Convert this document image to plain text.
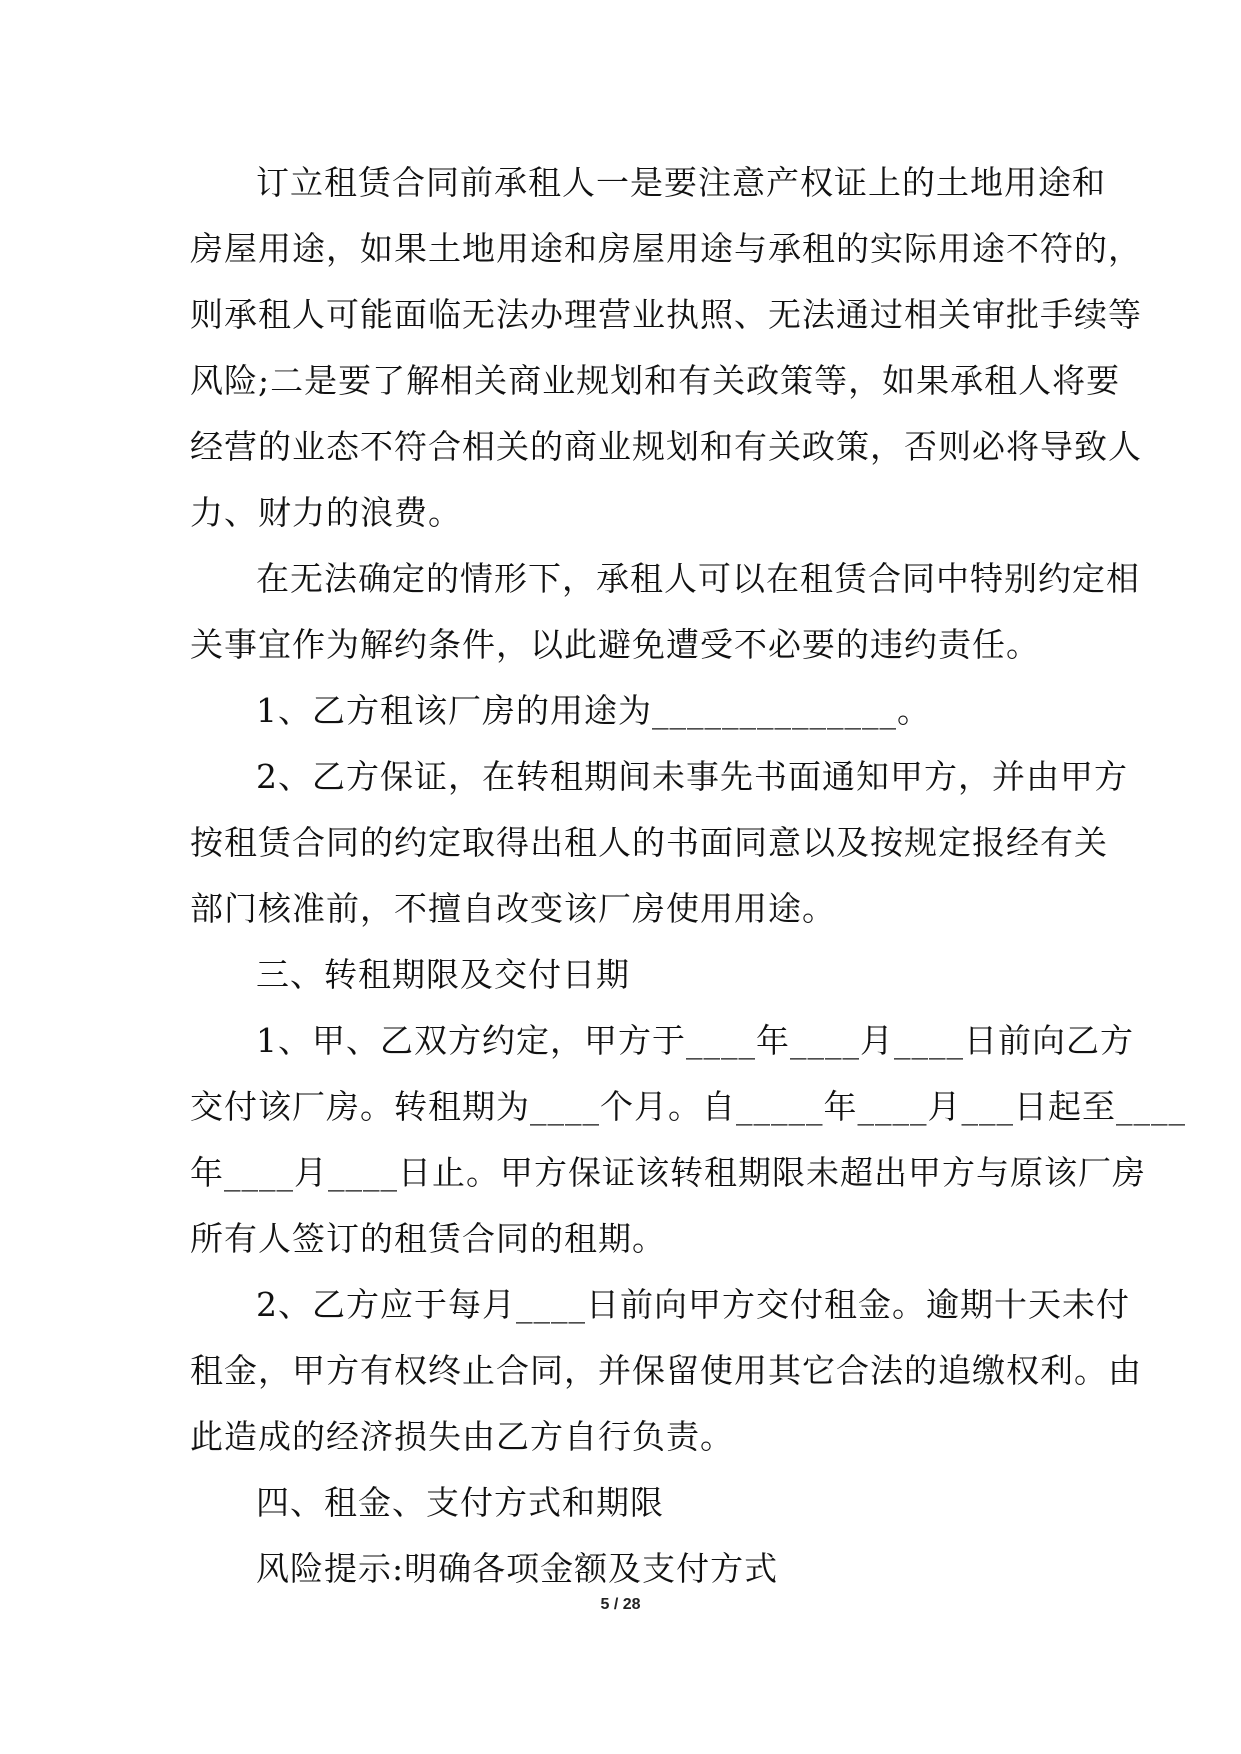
订立租赁合同前承租人一是要注意产权证上的土地用途和
房屋用途，如果土地用途和房屋用途与承租的实际用途不符的，
则承租人可能面临无法办理营业执照、无法通过相关审批手续等
风险;二是要了解相关商业规划和有关政策等，如果承租人将要
经营的业态不符合相关的商业规划和有关政策，否则必将导致人
力、财力的浪费。

在无法确定的情形下，承租人可以在租赁合同中特别约定相
关事宜作为解约条件，以此避免遭受不必要的违约责任。

1、乙方租该厂房的用途为______________。

2、乙方保证，在转租期间未事先书面通知甲方，并由甲方
按租赁合同的约定取得出租人的书面同意以及按规定报经有关
部门核准前，不擅自改变该厂房使用用途。

三、转租期限及交付日期

1、甲、乙双方约定，甲方于____年____月____日前向乙方
交付该厂房。转租期为____个月。自_____年____月___日起至____
年____月____日止。甲方保证该转租期限未超出甲方与原该厂房
所有人签订的租赁合同的租期。

2、乙方应于每月____日前向甲方交付租金。逾期十天未付
租金，甲方有权终止合同，并保留使用其它合法的追缴权利。由
此造成的经济损失由乙方自行负责。

四、租金、支付方式和期限

风险提示:明确各项金额及支付方式

5 / 28
